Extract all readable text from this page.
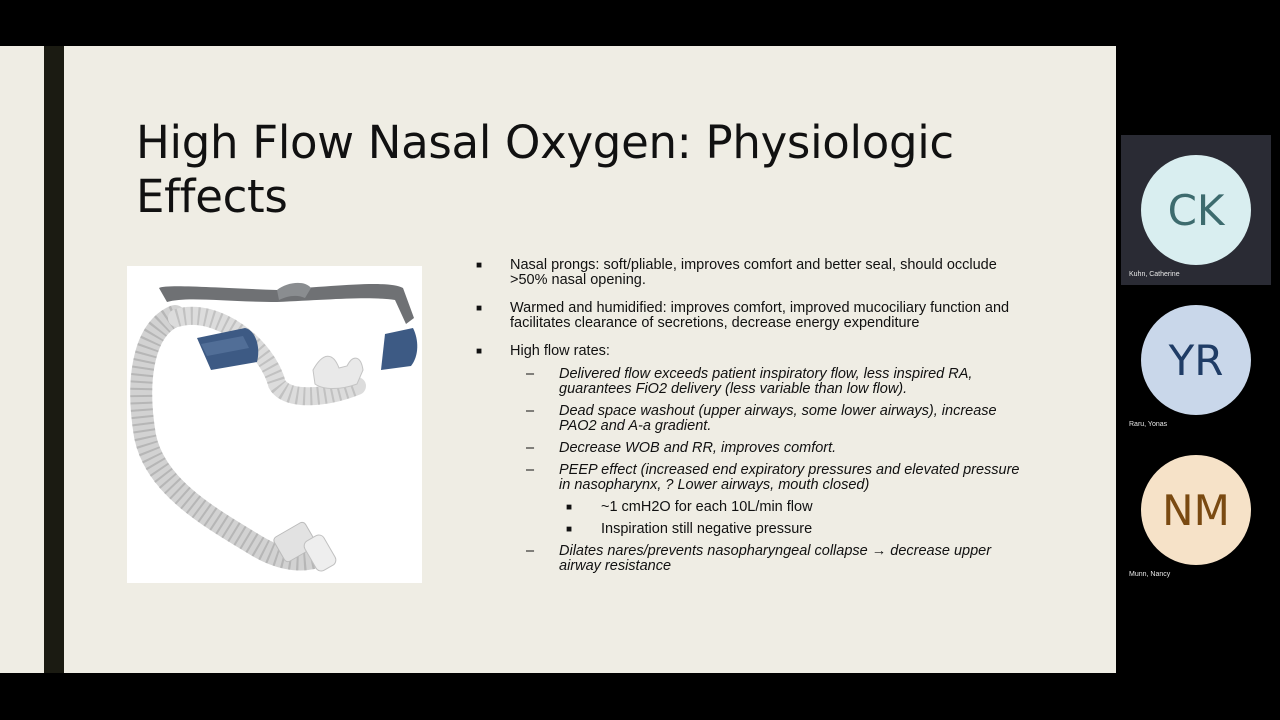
High Flow Nasal Oxygen: Physiologic Effects
■ Nasal prongs: soft/pliable, improves comfort and better seal, should occlude >50% nasal opening.
■ Warmed and humidified: improves comfort, improved mucociliary function and facilitates clearance of secretions, decrease energy expenditure
■ High flow rates:
– Delivered flow exceeds patient inspiratory flow, less inspired RA, guarantees FiO2 delivery (less variable than low flow).
– Dead space washout (upper airways, some lower airways), increase PAO2 and A-a gradient.
– Decrease WOB and RR, improves comfort.
– PEEP effect (increased end expiratory pressures and elevated pressure in nasopharynx, ? Lower airways, mouth closed)
■ ~1 cmH2O for each 10L/min flow
■ Inspiration still negative pressure
– Dilates nares/prevents nasopharyngeal collapse → decrease upper airway resistance
CK
Kuhn, Catherine
YR
Raru, Yonas
NM
Munn, Nancy
